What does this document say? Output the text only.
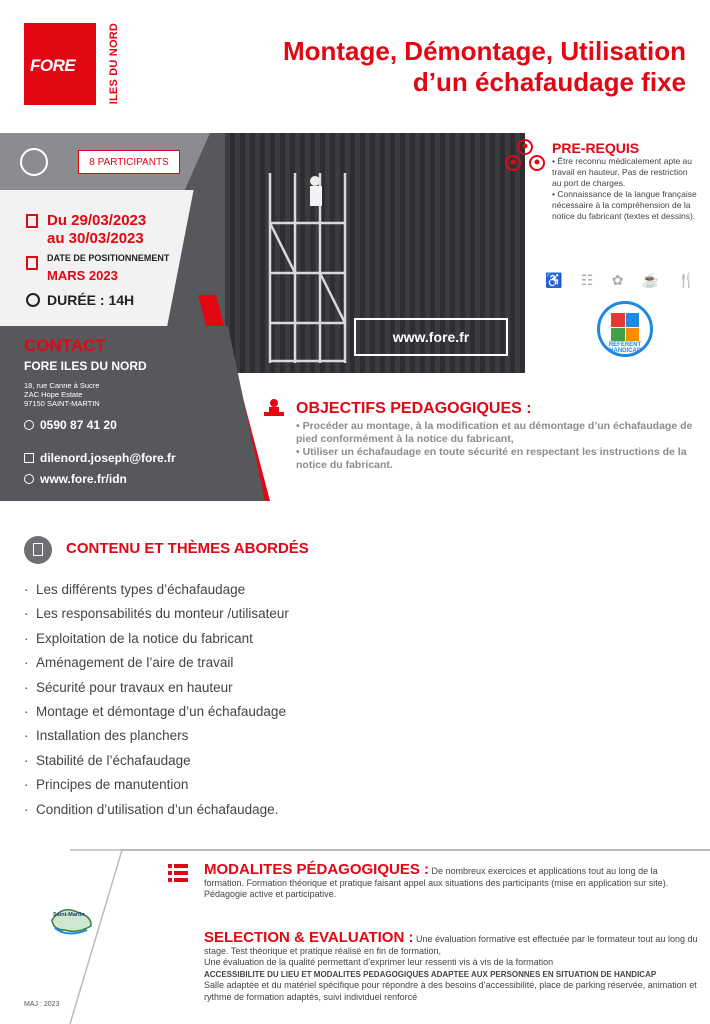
FORE	ILES DU NORD	Montage, Démontage, Utilisation
d’un échafaudage fixe
8 PARTICIPANTS
Du 29/03/2023
au 30/03/2023
DATE DE POSITIONNEMENT
MARS 2023
DURÉE : 14H
www.fore.fr
CONTACT
FORE ILES DU NORD
18, rue Canne à Sucre
ZAC Hope Estate
97150 SAINT-MARTIN
0590 87 41 20
dilenord.joseph@fore.fr
www.fore.fr/idn
PRE-REQUIS
• Être reconnu médicalement apte au travail en hauteur. Pas de restriction au port de charges.
• Connaissance de la langue française nécessaire à la compréhension de la notice du fabricant (textes et dessins).
♿ ☷ ✿ ☕ 🍴
RÉFÉRENT HANDICAP
OBJECTIFS PEDAGOGIQUES :
• Procéder au montage, à la modification et au démontage d’un échafaudage de pied conformément à la notice du fabricant,
• Utiliser un échafaudage en toute sécurité en respectant les instructions de la notice du fabricant.
CONTENU ET THÈMES ABORDÉS
· Les différents types d’échafaudage
· Les responsabilités du monteur /utilisateur
· Exploitation de la notice du fabricant
· Aménagement de l’aire de travail
· Sécurité pour travaux en hauteur
· Montage et démontage d’un échafaudage
· Installation des planchers
· Stabilité de l’échafaudage
· Principes de manutention
· Condition d’utilisation d’un échafaudage.
MODALITES PÉDAGOGIQUES : De nombreux exercices et applications tout au long de la formation. Formation théorique et pratique faisant appel aux situations des participants (mise en application sur site).
Pédagogie active et participative.
SELECTION & EVALUATION : Une évaluation formative est effectuée par le formateur tout au long du stage. Test théorique et pratique réalisé en fin de formation,
Une évaluation de la qualité permettant d’exprimer leur ressenti vis à vis de la formation
ACCESSIBILITE DU LIEU ET MODALITES PEDAGOGIQUES ADAPTEE AUX PERSONNES EN SITUATION DE HANDICAP
Salle adaptée et du matériel spécifique pour répondre à des besoins d’accessibilité, place de parking réservée, animation et rythme de formation adaptés, suivi individuel renforcé
Saint-Martin
MAJ : 2023
